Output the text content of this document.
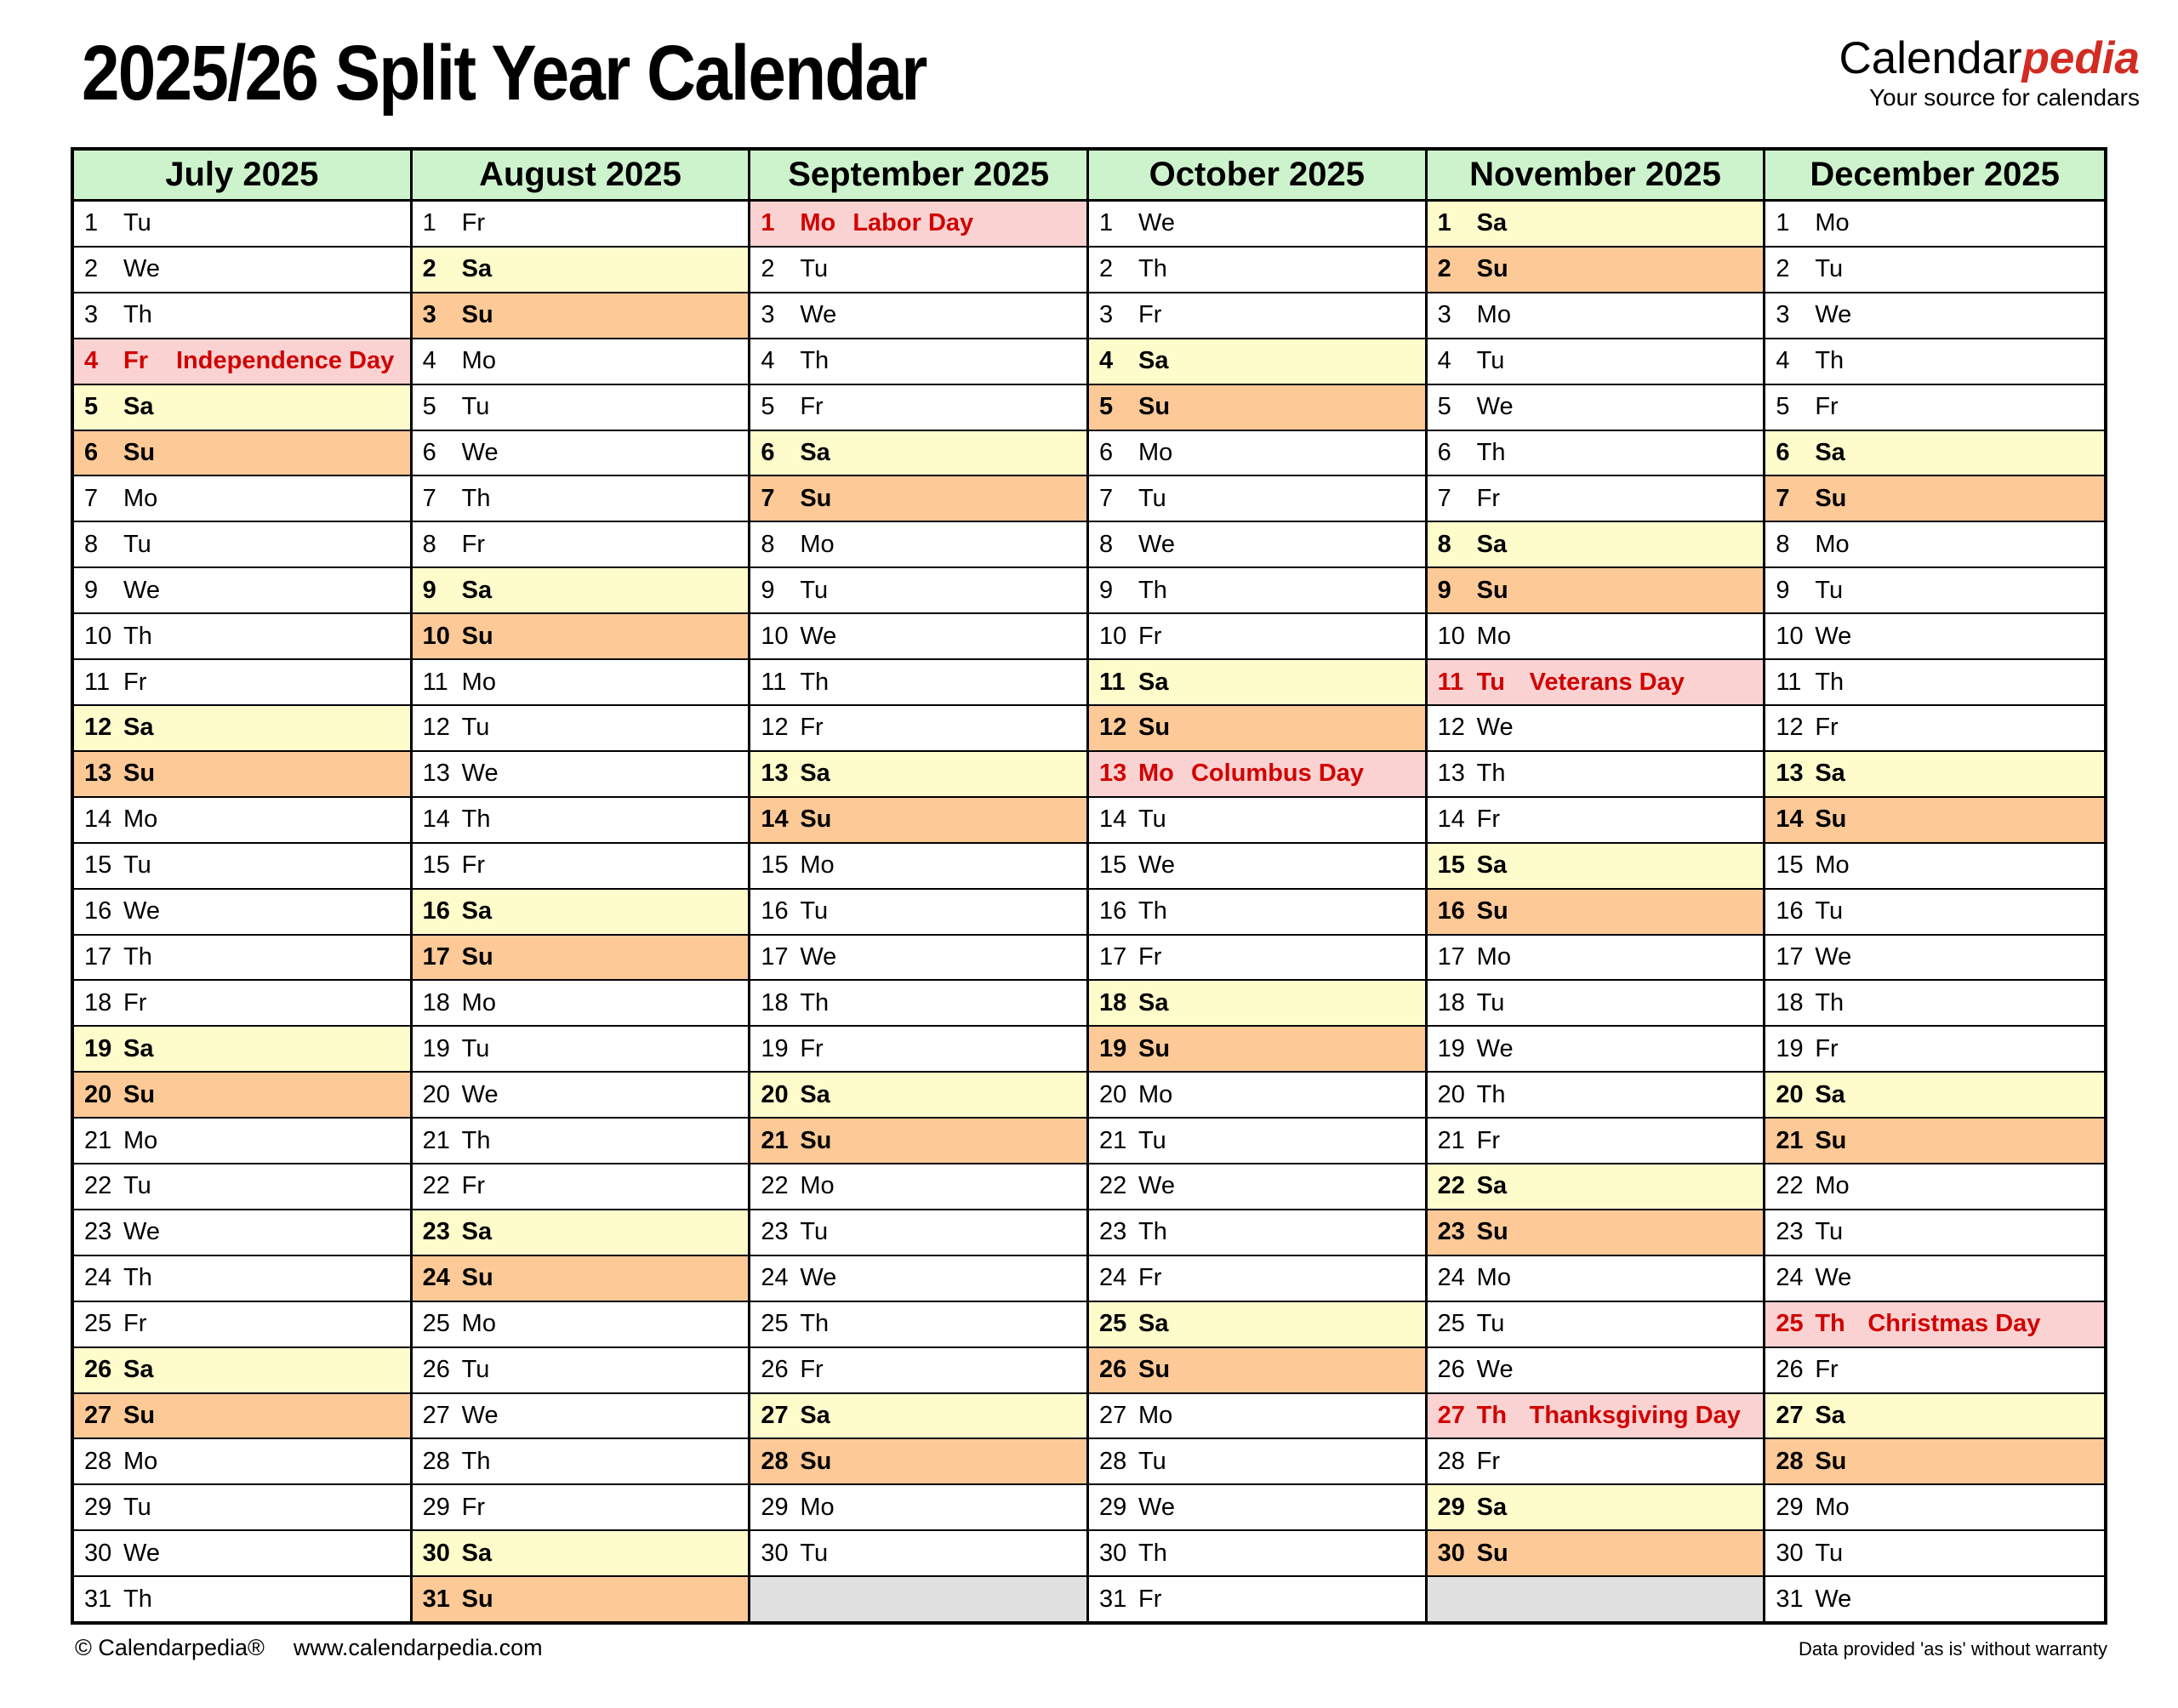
2025/26 Split Year Calendar	Calendarpedia
Your source for calendars
July 2025
1	Tu
2	We
3	Th
4	Fr	Independence Day
5	Sa
6	Su
7	Mo
8	Tu
9	We
10 Th
11 Fr
12 Sa
13 Su
14 Mo
15 Tu
16 We
17 Th
18 Fr
19 Sa
20 Su
21 Mo
22 Tu
23 We
24 Th
25 Fr
26 Sa
27 Su
28 Mo
29 Tu
30 We
31 Th
August 2025
1	Fr
2	Sa
3	Su
4	Mo
5	Tu
6	We
7	Th
8	Fr
9	Sa
10 Su
11 Mo
12 Tu
13 We
14 Th
15 Fr
16 Sa
17 Su
18 Mo
19 Tu
20 We
21 Th
22 Fr
23 Sa
24 Su
25 Mo
26 Tu
27 We
28 Th
29 Fr
30 Sa
31 Su
September 2025
1	Mo Labor Day
2	Tu
3	We
4	Th
5	Fr
6	Sa
7	Su
8	Mo
9	Tu
10 We
11 Th
12 Fr
13 Sa
14 Su
15 Mo
16 Tu
17 We
18 Th
19 Fr
20 Sa
21 Su
22 Mo
23 Tu
24 We
25 Th
26 Fr
27 Sa
28 Su
29 Mo
30 Tu
October 2025
1	We
2	Th
3	Fr
4	Sa
5	Su
6	Mo
7	Tu
8	We
9	Th
10 Fr
11 Sa
12 Su
13 Mo Columbus Day
14 Tu
15 We
16 Th
17 Fr
18 Sa
19 Su
20 Mo
21 Tu
22 We
23 Th
24 Fr
25 Sa
26 Su
27 Mo
28 Tu
29 We
30 Th
31 Fr
November 2025
1	Sa
2	Su
3	Mo
4	Tu
5	We
6	Th
7	Fr
8	Sa
9	Su
10 Mo
11 Tu Veterans Day
12 We
13 Th
14 Fr
15 Sa
16 Su
17 Mo
18 Tu
19 We
20 Th
21 Fr
22 Sa
23 Su
24 Mo
25 Tu
26 We
27 Th Thanksgiving Day
28 Fr
29 Sa
30 Su
December 2025
1	Mo
2	Tu
3	We
4	Th
5	Fr
6	Sa
7	Su
8	Mo
9	Tu
10 We
11 Th
12 Fr
13 Sa
14 Su
15 Mo
16 Tu
17 We
18 Th
19 Fr
20 Sa
21 Su
22 Mo
23 Tu
24 We
25 Th Christmas Day
26 Fr
27 Sa
28 Su
29 Mo
30 Tu
31 We
© Calendarpedia® www.calendarpedia.com	Data provided 'as is' without warranty
